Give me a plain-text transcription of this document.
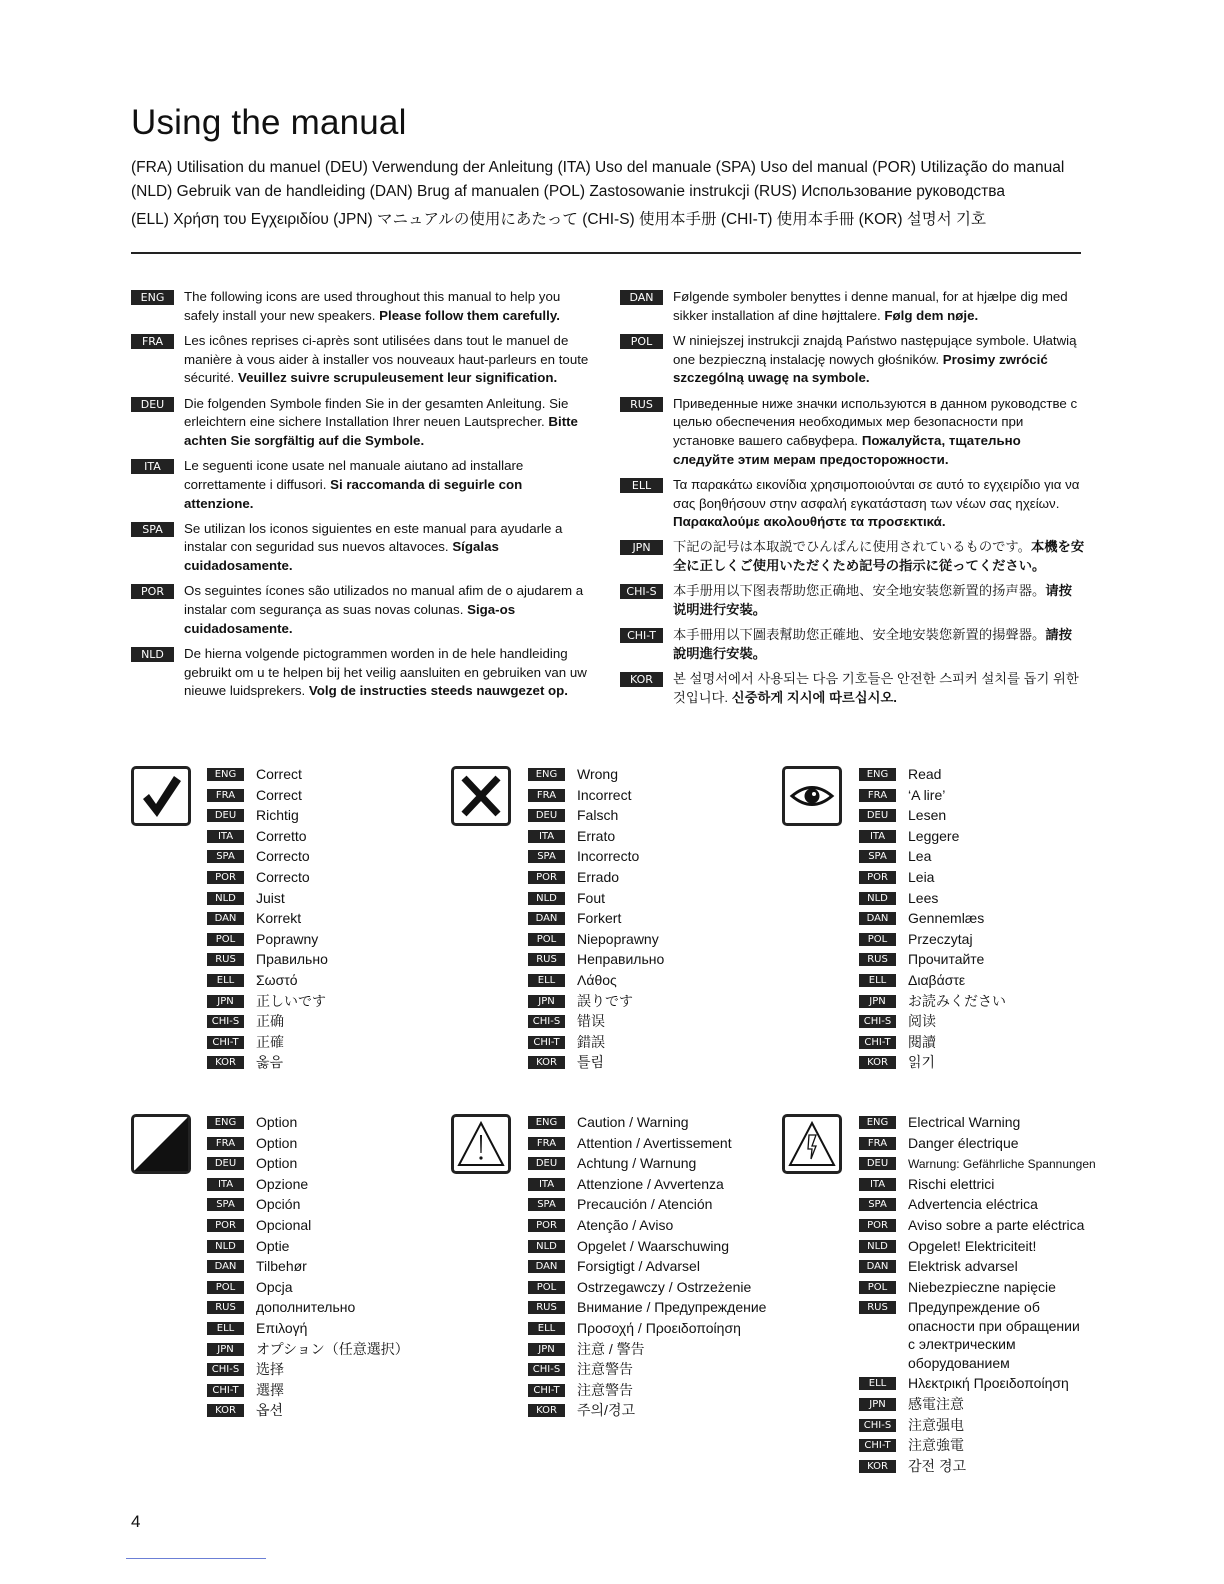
Using the manual
(FRA) Utilisation du manuel (DEU) Verwendung der Anleitung (ITA) Uso del manuale (SPA) Uso del manual (POR) Utilização do manual
(NLD) Gebruik van de handleiding (DAN) Brug af manualen (POL) Zastosowanie instrukcji (RUS) Использование руководства
(ELL) Χρήση του Εγχειριδίου (JPN) マニュアルの使用にあたって (CHI-S) 使用本手册 (CHI-T) 使用本手冊 (KOR) 설명서 기호
ENG	The following icons are used throughout this manual to help you safely install your new speakers. Please follow them carefully.
FRA	Les icônes reprises ci-après sont utilisées dans tout le manuel de manière à vous aider à installer vos nouveaux haut-parleurs en toute sécurité. Veuillez suivre scrupuleusement leur signification.
DEU	Die folgenden Symbole finden Sie in der gesamten Anleitung. Sie erleichtern eine sichere Installation Ihrer neuen Lautsprecher. Bitte achten Sie sorgfältig auf die Symbole.
ITA	Le seguenti icone usate nel manuale aiutano ad installare correttamente i diffusori. Si raccomanda di seguirle con attenzione.
SPA	Se utilizan los iconos siguientes en este manual para ayudarle a instalar con seguridad sus nuevos altavoces. Sígalas cuidadosamente.
POR	Os seguintes ícones são utilizados no manual afim de o ajudarem a instalar com segurança as suas novas colunas. Siga-os cuidadosamente.
NLD	De hierna volgende pictogrammen worden in de hele handleiding gebruikt om u te helpen bij het veilig aansluiten en gebruiken van uw nieuwe luidsprekers. Volg de instructies steeds nauwgezet op.
DAN	Følgende symboler benyttes i denne manual, for at hjælpe dig med sikker installation af dine højttalere. Følg dem nøje.
POL	W niniejszej instrukcji znajdą Państwo następujące symbole. Ułatwią one bezpieczną instalację nowych głośników. Prosimy zwrócić szczególną uwagę na symbole.
RUS	Приведенные ниже значки используются в данном руководстве с целью обеспечения необходимых мер безопасности при установке вашего сабвуфера. Пожалуйста, тщательно следуйте этим мерам предосторожности.
ELL	Τα παρακάτω εικονίδια χρησιμοποιούνται σε αυτό το εγχειρίδιο για να σας βοηθήσουν στην ασφαλή εγκατάσταση των νέων σας ηχείων. Παρακαλούμε ακολουθήστε τα προσεκτικά.
JPN	下記の記号は本取説でひんぱんに使用されているものです。本機を安全に正しくご使用いただくため記号の指示に従ってください。
CHI-S	本手册用以下图表帮助您正确地、安全地安装您新置的扬声器。请按说明进行安装。
CHI-T	本手冊用以下圖表幫助您正確地、安全地安裝您新置的揚聲器。請按說明進行安裝。
KOR	본 설명서에서 사용되는 다음 기호들은 안전한 스피커 설치를 돕기 위한 것입니다. 신중하게 지시에 따르십시오.
ENG	Correct
FRA	Correct
DEU	Richtig
ITA	Corretto
SPA	Correcto
POR	Correcto
NLD	Juist
DAN	Korrekt
POL	Poprawny
RUS	Правильно
ELL	Σωστό
JPN	正しいです
CHI-S	正确
CHI-T	正確
KOR	옳음
ENG	Wrong
FRA	Incorrect
DEU	Falsch
ITA	Errato
SPA	Incorrecto
POR	Errado
NLD	Fout
DAN	Forkert
POL	Niepoprawny
RUS	Неправильно
ELL	Λάθος
JPN	誤りです
CHI-S	错误
CHI-T	錯誤
KOR	틀림
ENG	Read
FRA	‘A lire’
DEU	Lesen
ITA	Leggere
SPA	Lea
POR	Leia
NLD	Lees
DAN	Gennemlæs
POL	Przeczytaj
RUS	Прочитайте
ELL	Διαβάστε
JPN	お読みください
CHI-S	阅读
CHI-T	閱讀
KOR	읽기
ENG	Option
FRA	Option
DEU	Option
ITA	Opzione
SPA	Opción
POR	Opcional
NLD	Optie
DAN	Tilbehør
POL	Opcja
RUS	дополнительно
ELL	Επιλογή
JPN	オプション（任意選択）
CHI-S	选择
CHI-T	選擇
KOR	옵션
ENG	Caution / Warning
FRA	Attention / Avertissement
DEU	Achtung / Warnung
ITA	Attenzione / Avvertenza
SPA	Precaución / Atención
POR	Atenção / Aviso
NLD	Opgelet / Waarschuwing
DAN	Forsigtigt / Advarsel
POL	Ostrzegawczy / Ostrzeżenie
RUS	Внимание / Предупреждение
ELL	Προσοχή / Προειδοποίηση
JPN	注意 / 警告
CHI-S	注意警告
CHI-T	注意警告
KOR	주의/경고
ENG	Electrical Warning
FRA	Danger électrique
DEU	Warnung: Gefährliche Spannungen
ITA	Rischi elettrici
SPA	Advertencia eléctrica
POR	Aviso sobre a parte eléctrica
NLD	Opgelet! Elektriciteit!
DAN	Elektrisk advarsel
POL	Niebezpieczne napięcie
RUS	Предупреждение об опасности при обращении с электрическим оборудованием
ELL	Ηλεκτρική Προειδοποίηση
JPN	感電注意
CHI-S	注意强电
CHI-T	注意強電
KOR	감전 경고
4
